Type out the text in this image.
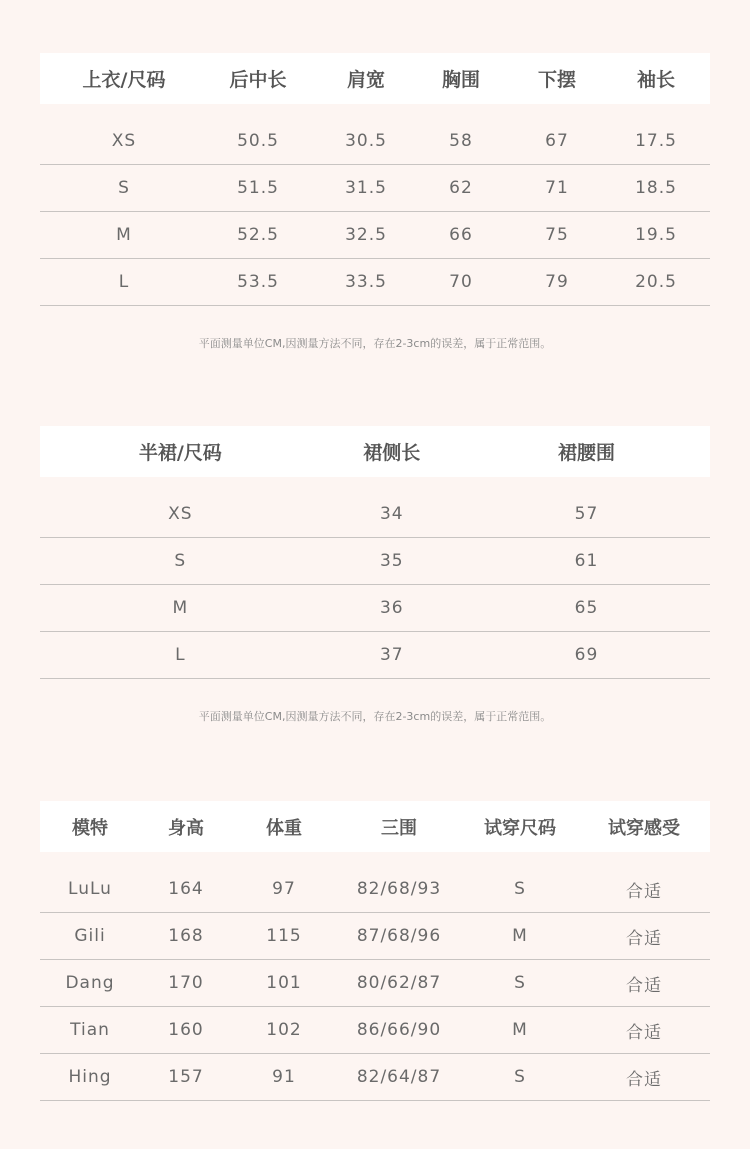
上衣/尺码	后中长	肩宽	胸围	下摆	袖长
XS	50.5	30.5	58	67	17.5
S	51.5	31.5	62	71	18.5
M	52.5	32.5	66	75	19.5
L	53.5	33.5	70	79	20.5
平面测量单位CM,因测量方法不同，存在2-3cm的误差，属于正常范围。
半裙/尺码	裙侧长	裙腰围
XS	34	57
S	35	61
M	36	65
L	37	69
平面测量单位CM,因测量方法不同，存在2-3cm的误差，属于正常范围。
模特	身高	体重	三围	试穿尺码	试穿感受
LuLu	164	97	82/68/93	S	合适
Gili	168	115	87/68/96	M	合适
Dang	170	101	80/62/87	S	合适
Tian	160	102	86/66/90	M	合适
Hing	157	91	82/64/87	S	合适
